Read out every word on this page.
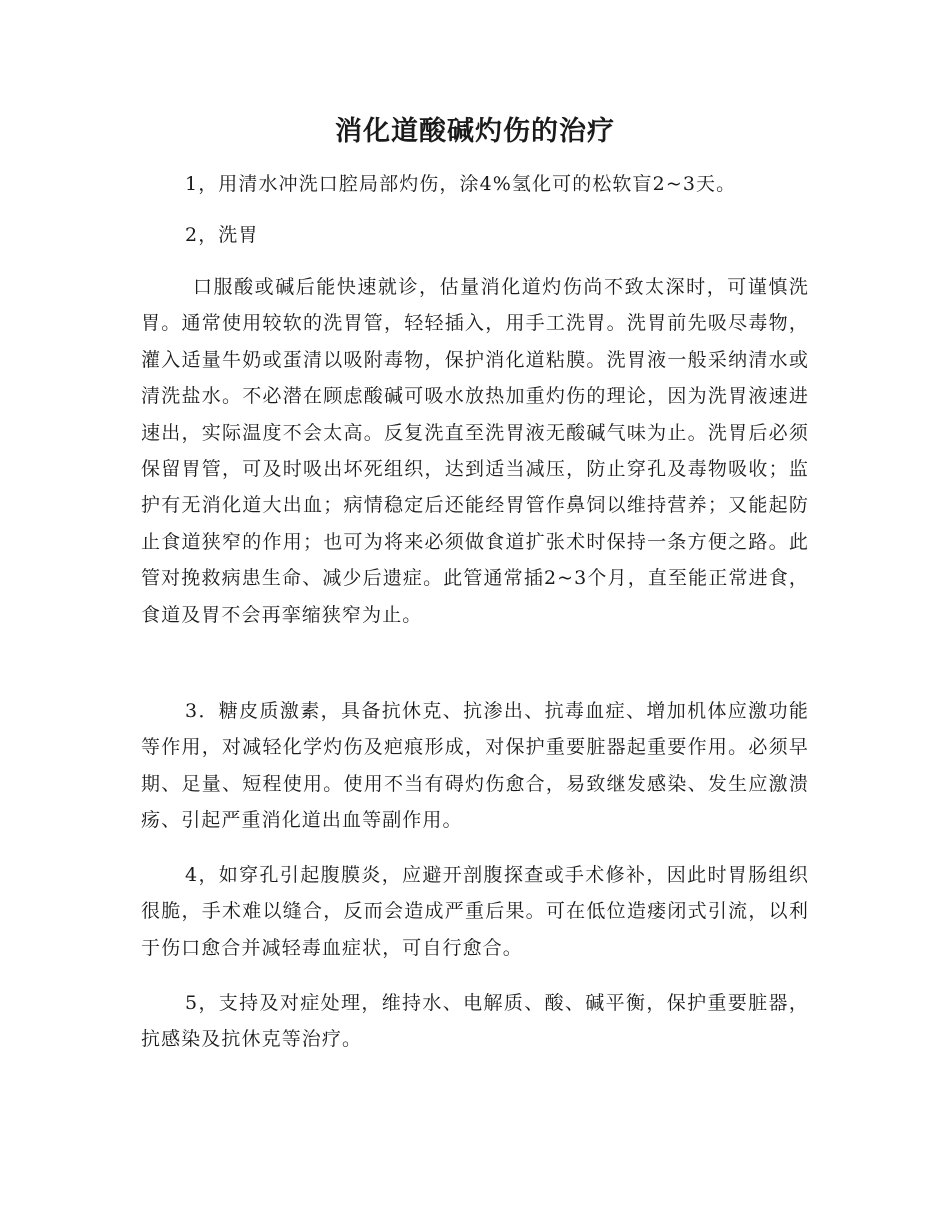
消化道酸碱灼伤的治疗

1，用清水冲洗口腔局部灼伤，涂4%氢化可的松软盲2~3天。

2，洗胃

口服酸或碱后能快速就诊，估量消化道灼伤尚不致太深时，可谨慎洗胃。通常使用较软的洗胃管，轻轻插入，用手工洗胃。洗胃前先吸尽毒物，灌入适量牛奶或蛋清以吸附毒物，保护消化道粘膜。洗胃液一般采纳清水或清洗盐水。不必潜在顾虑酸碱可吸水放热加重灼伤的理论，因为洗胃液速进速出，实际温度不会太高。反复洗直至洗胃液无酸碱气味为止。洗胃后必须保留胃管，可及时吸出坏死组织，达到适当减压，防止穿孔及毒物吸收；监护有无消化道大出血；病情稳定后还能经胃管作鼻饲以维持营养；又能起防止食道狭窄的作用；也可为将来必须做食道扩张术时保持一条方便之路。此管对挽救病患生命、减少后遗症。此管通常插2~3个月，直至能正常进食，食道及胃不会再挛缩狭窄为止。

3．糖皮质激素，具备抗休克、抗渗出、抗毒血症、增加机体应激功能等作用，对减轻化学灼伤及疤痕形成，对保护重要脏器起重要作用。必须早期、足量、短程使用。使用不当有碍灼伤愈合，易致继发感染、发生应激溃疡、引起严重消化道出血等副作用。

4，如穿孔引起腹膜炎，应避开剖腹探查或手术修补，因此时胃肠组织很脆，手术难以缝合，反而会造成严重后果。可在低位造瘘闭式引流，以利于伤口愈合并减轻毒血症状，可自行愈合。

5，支持及对症处理，维持水、电解质、酸、碱平衡，保护重要脏器，抗感染及抗休克等治疗。
